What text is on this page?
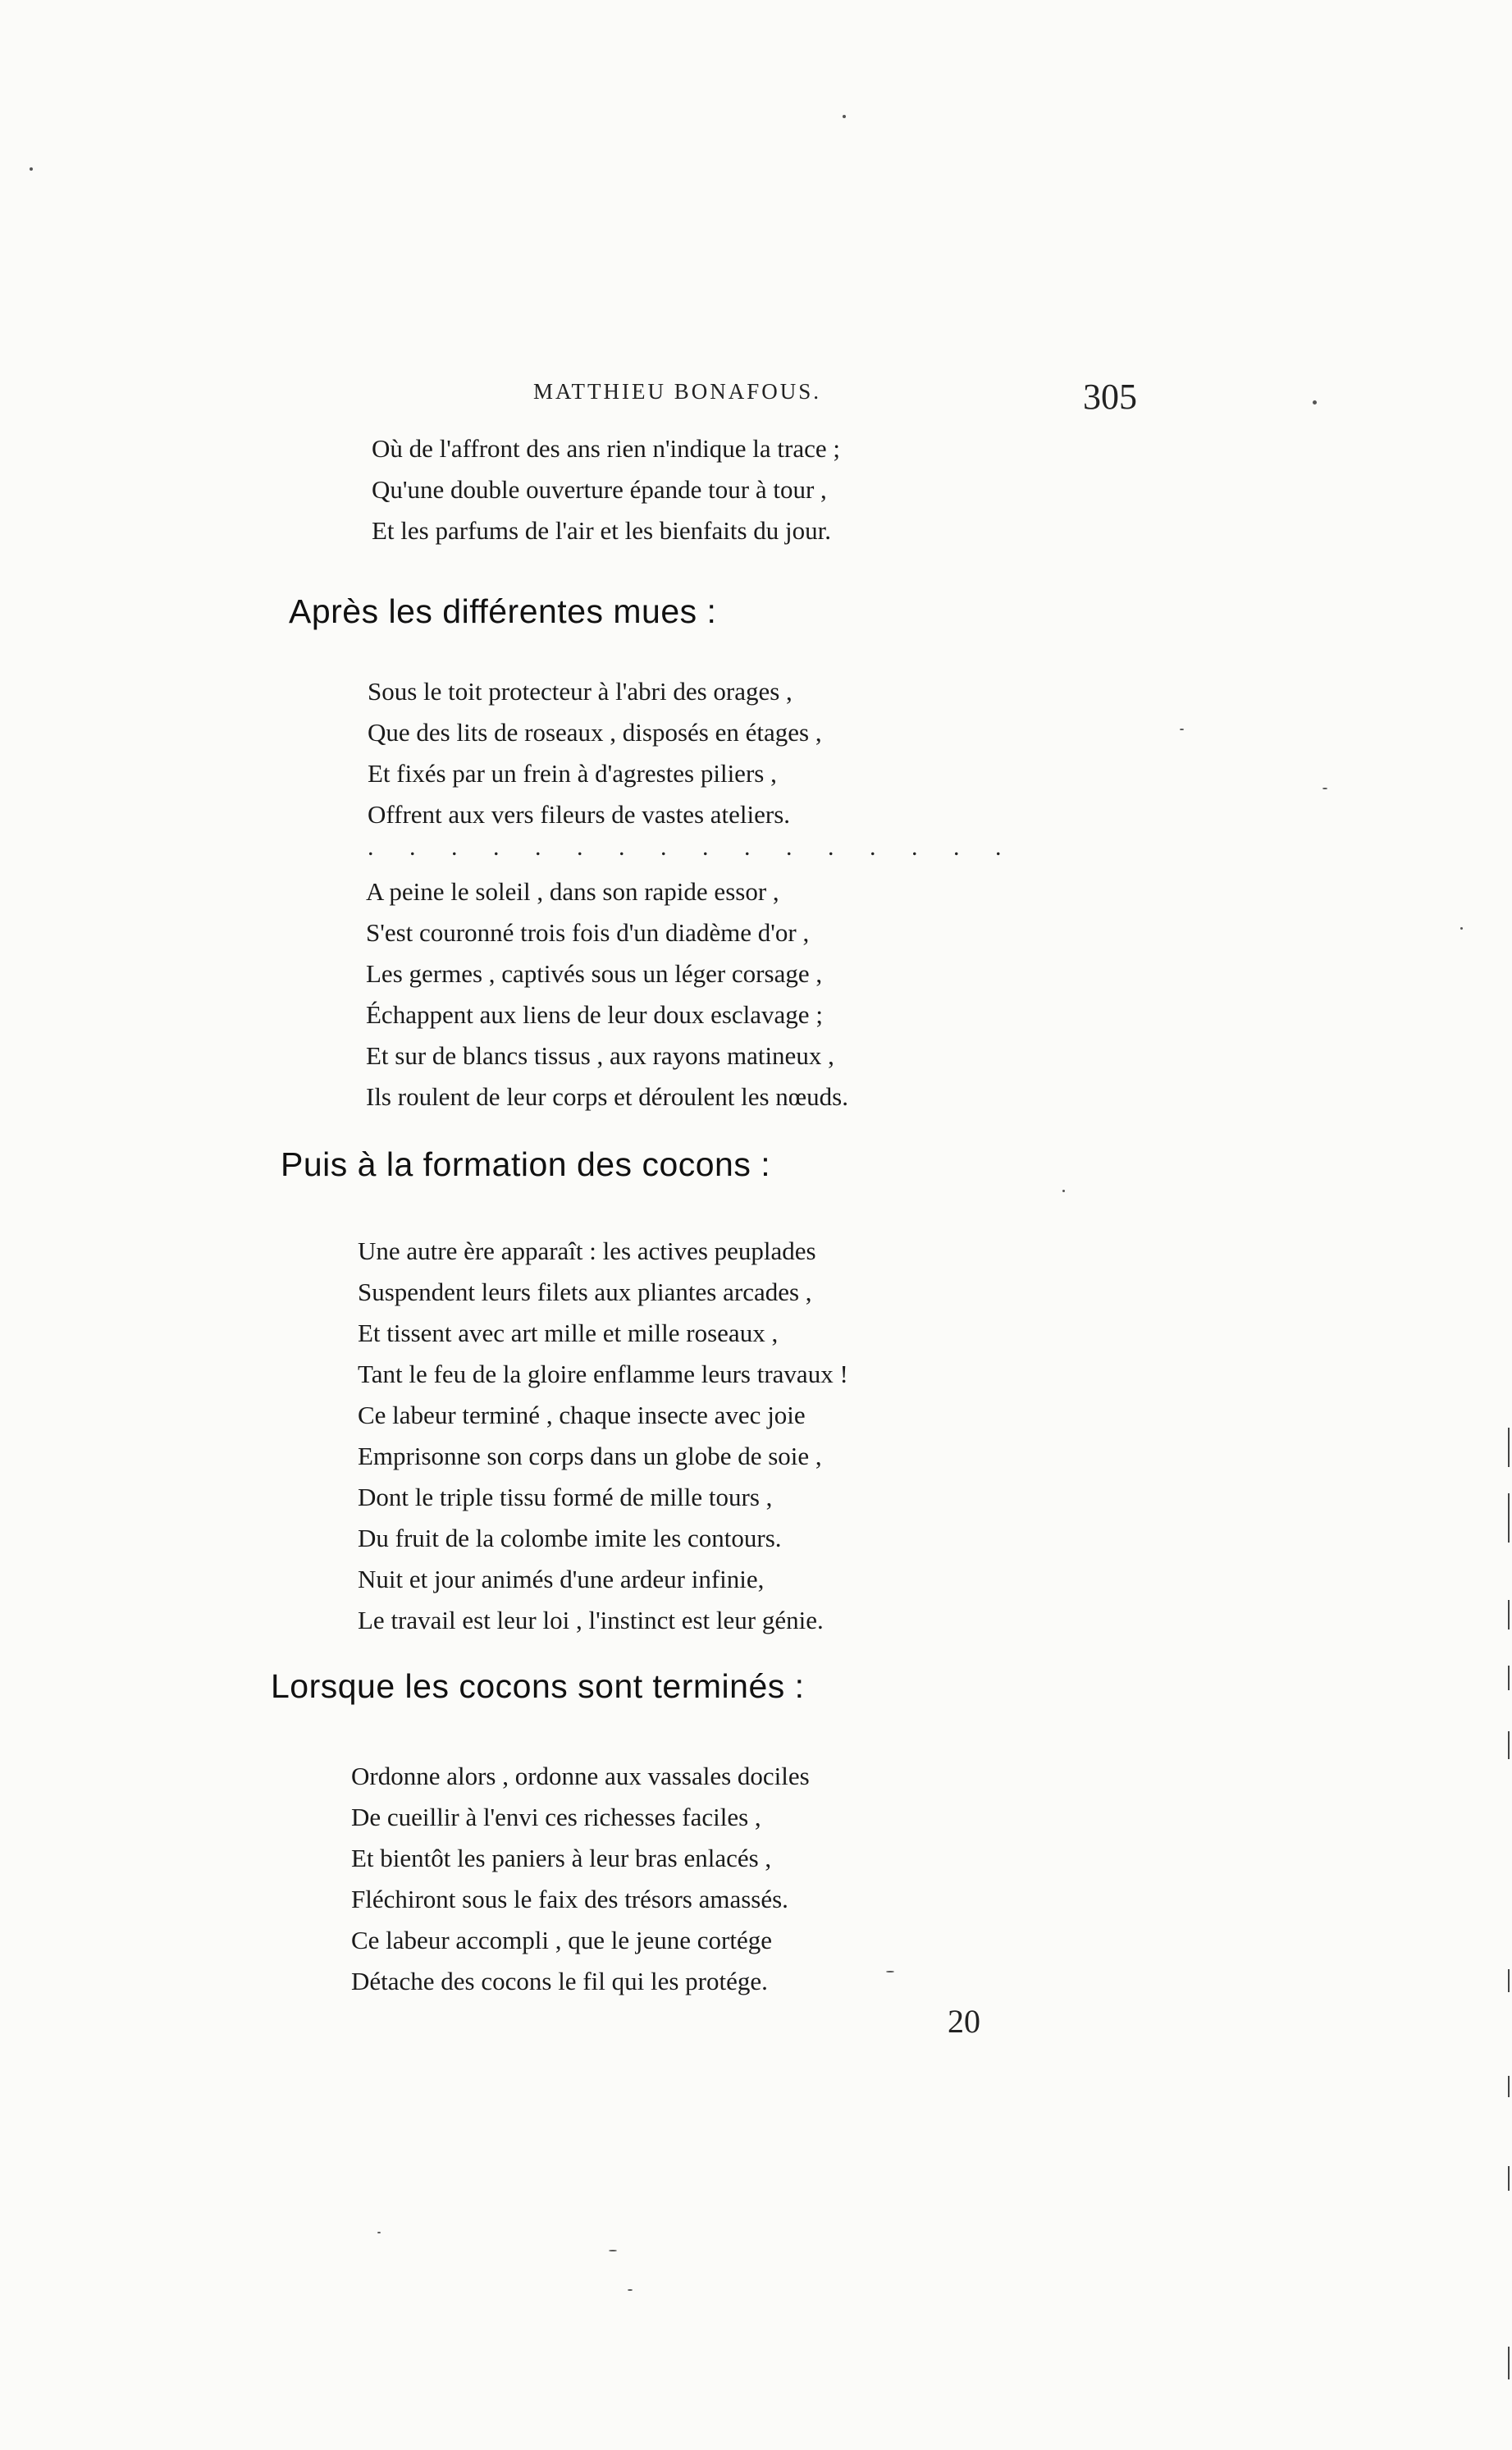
MATTHIEU BONAFOUS.	305
Où de l'affront des ans rien n'indique la trace ;
Qu'une double ouverture épande tour à tour ,
Et les parfums de l'air et les bienfaits du jour.
Après les différentes mues :
Sous le toit protecteur à l'abri des orages ,
Que des lits de roseaux , disposés en étages ,
Et fixés par un frein à d'agrestes piliers ,
Offrent aux vers fileurs de vastes ateliers.
. . . . . . . . . . . . . . . .
A peine le soleil , dans son rapide essor ,
S'est couronné trois fois d'un diadème d'or ,
Les germes , captivés sous un léger corsage ,
Échappent aux liens de leur doux esclavage ;
Et sur de blancs tissus , aux rayons matineux ,
Ils roulent de leur corps et déroulent les nœuds.
Puis à la formation des cocons :
Une autre ère apparaît : les actives peuplades
Suspendent leurs filets aux pliantes arcades ,
Et tissent avec art mille et mille roseaux ,
Tant le feu de la gloire enflamme leurs travaux !
Ce labeur terminé , chaque insecte avec joie
Emprisonne son corps dans un globe de soie ,
Dont le triple tissu formé de mille tours ,
Du fruit de la colombe imite les contours.
Nuit et jour animés d'une ardeur infinie,
Le travail est leur loi , l'instinct est leur génie.
Lorsque les cocons sont terminés :
Ordonne alors , ordonne aux vassales dociles
De cueillir à l'envi ces richesses faciles ,
Et bientôt les paniers à leur bras enlacés ,
Fléchiront sous le faix des trésors amassés.
Ce labeur accompli , que le jeune cortége
Détache des cocons le fil qui les protége.
20
